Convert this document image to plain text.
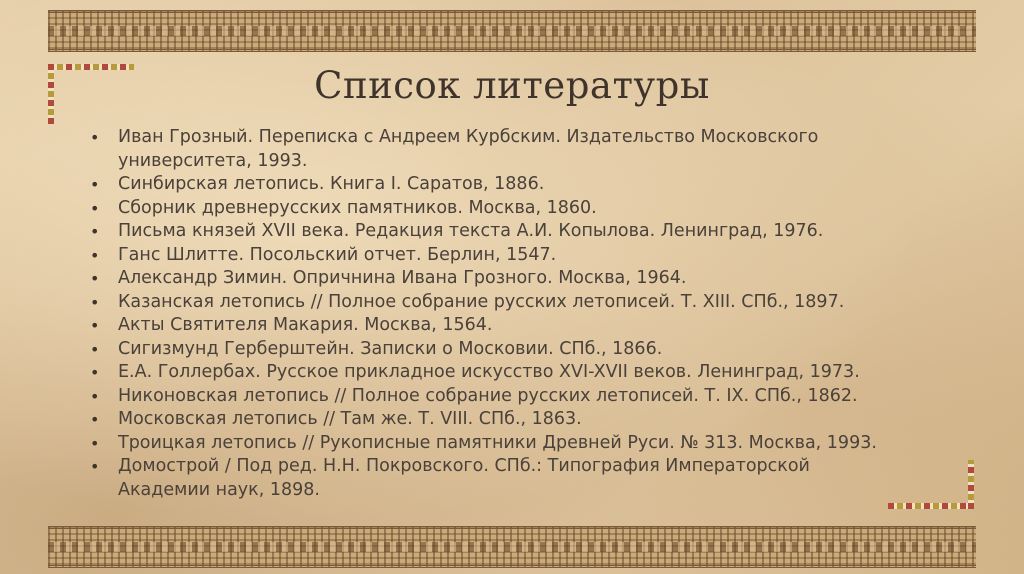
Список литературы
• Иван Грозный. Переписка с Андреем Курбским. Издательство Московского университета, 1993.
• Синбирская летопись. Книга I. Саратов, 1886.
• Сборник древнерусских памятников. Москва, 1860.
• Письма князей XVII века. Редакция текста А.И. Копылова. Ленинград, 1976.
• Ганс Шлитте. Посольский отчет. Берлин, 1547.
• Александр Зимин. Опричнина Ивана Грозного. Москва, 1964.
• Казанская летопись // Полное собрание русских летописей. Т. XIII. СПб., 1897.
• Акты Святителя Макария. Москва, 1564.
• Сигизмунд Герберштейн. Записки о Московии. СПб., 1866.
• Е.А. Голлербах. Русское прикладное искусство XVI-XVII веков. Ленинград, 1973.
• Никоновская летопись // Полное собрание русских летописей. Т. IX. СПб., 1862.
• Московская летопись // Там же. Т. VIII. СПб., 1863.
• Троицкая летопись // Рукописные памятники Древней Руси. № 313. Москва, 1993.
• Домострой / Под ред. Н.Н. Покровского. СПб.: Типография Императорской Академии наук, 1898.
